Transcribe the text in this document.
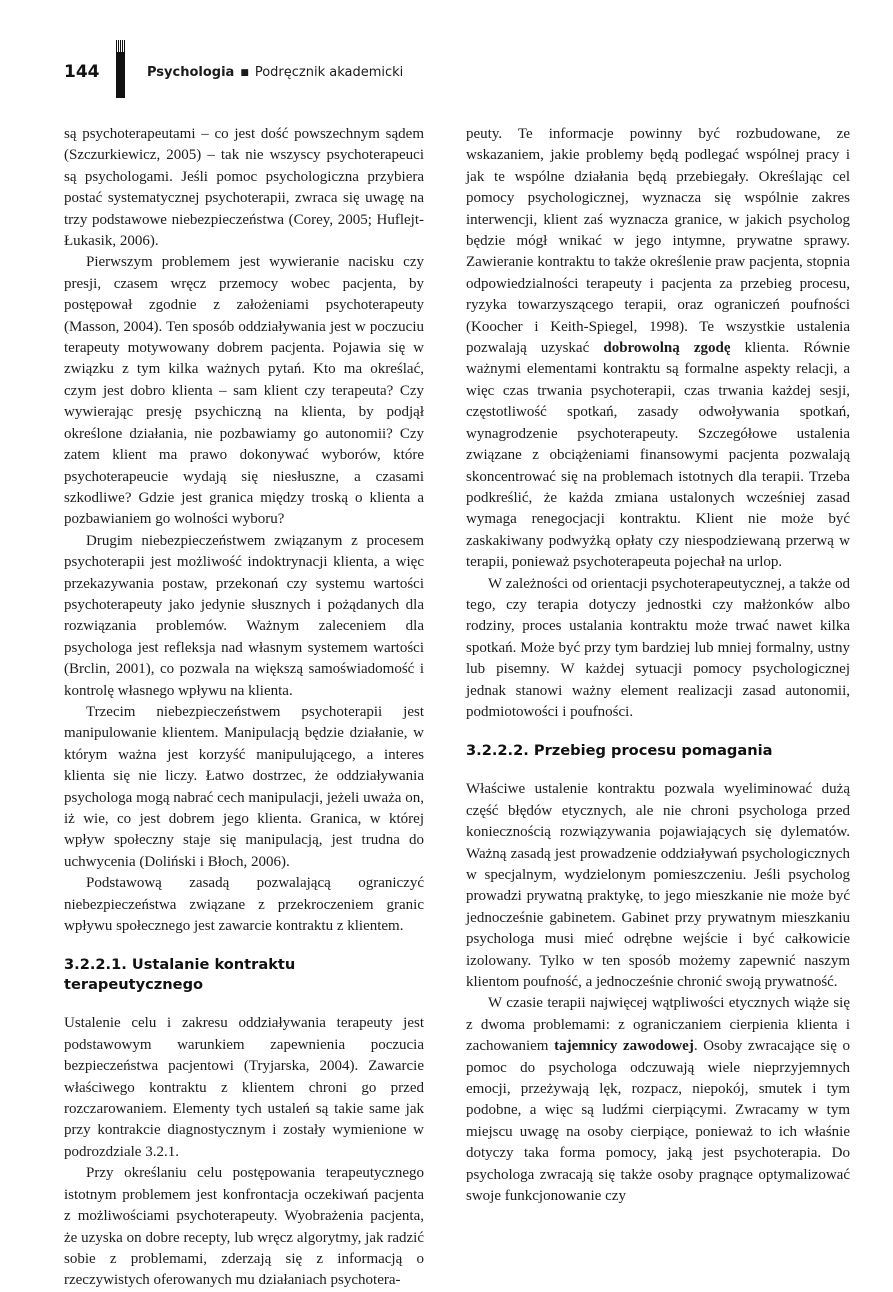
144	Psychologia ■ Podręcznik akademicki

są psychoterapeutami – co jest dość powszechnym sądem (Szczurkiewicz, 2005) – tak nie wszyscy psychoterapeuci są psychologami. Jeśli pomoc psychologiczna przybiera postać systematycznej psychoterapii, zwraca się uwagę na trzy podstawowe niebezpieczeństwa (Corey, 2005; Huflejt-Łukasik, 2006).

Pierwszym problemem jest wywieranie nacisku czy presji, czasem wręcz przemocy wobec pacjenta, by postępował zgodnie z założeniami psychoterapeuty (Masson, 2004). Ten sposób oddziaływania jest w poczuciu terapeuty motywowany dobrem pacjenta. Pojawia się w związku z tym kilka ważnych pytań. Kto ma określać, czym jest dobro klienta – sam klient czy terapeuta? Czy wywierając presję psychiczną na klienta, by podjął określone działania, nie pozbawiamy go autonomii? Czy zatem klient ma prawo dokonywać wyborów, które psychoterapeucie wydają się niesłuszne, a czasami szkodliwe? Gdzie jest granica między troską o klienta a pozbawianiem go wolności wyboru?

Drugim niebezpieczeństwem związanym z procesem psychoterapii jest możliwość indoktrynacji klienta, a więc przekazywania postaw, przekonań czy systemu wartości psychoterapeuty jako jedynie słusznych i pożądanych dla rozwiązania problemów. Ważnym zaleceniem dla psychologa jest refleksja nad własnym systemem wartości (Brclin, 2001), co pozwala na większą samoświadomość i kontrolę własnego wpływu na klienta.

Trzecim niebezpieczeństwem psychoterapii jest manipulowanie klientem. Manipulacją będzie działanie, w którym ważna jest korzyść manipulującego, a interes klienta się nie liczy. Łatwo dostrzec, że oddziaływania psychologa mogą nabrać cech manipulacji, jeżeli uważa on, iż wie, co jest dobrem jego klienta. Granica, w której wpływ społeczny staje się manipulacją, jest trudna do uchwycenia (Doliński i Błoch, 2006).

Podstawową zasadą pozwalającą ograniczyć niebezpieczeństwa związane z przekroczeniem granic wpływu społecznego jest zawarcie kontraktu z klientem.

3.2.2.1. Ustalanie kontraktu terapeutycznego

Ustalenie celu i zakresu oddziaływania terapeuty jest podstawowym warunkiem zapewnienia poczucia bezpieczeństwa pacjentowi (Tryjarska, 2004). Zawarcie właściwego kontraktu z klientem chroni go przed rozczarowaniem. Elementy tych ustaleń są takie same jak przy kontrakcie diagnostycznym i zostały wymienione w podrozdziale 3.2.1.

Przy określaniu celu postępowania terapeutycznego istotnym problemem jest konfrontacja oczekiwań pacjenta z możliwościami psychoterapeuty. Wyobrażenia pacjenta, że uzyska on dobre recepty, lub wręcz algorytmy, jak radzić sobie z problemami, zderzają się z informacją o rzeczywistych oferowanych mu działaniach psychotera-

peuty. Te informacje powinny być rozbudowane, ze wskazaniem, jakie problemy będą podlegać wspólnej pracy i jak te wspólne działania będą przebiegały. Określając cel pomocy psychologicznej, wyznacza się wspólnie zakres interwencji, klient zaś wyznacza granice, w jakich psycholog będzie mógł wnikać w jego intymne, prywatne sprawy. Zawieranie kontraktu to także określenie praw pacjenta, stopnia odpowiedzialności terapeuty i pacjenta za przebieg procesu, ryzyka towarzyszącego terapii, oraz ograniczeń poufności (Koocher i Keith-Spiegel, 1998). Te wszystkie ustalenia pozwalają uzyskać dobrowolną zgodę klienta. Równie ważnymi elementami kontraktu są formalne aspekty relacji, a więc czas trwania psychoterapii, czas trwania każdej sesji, częstotliwość spotkań, zasady odwoływania spotkań, wynagrodzenie psychoterapeuty. Szczegółowe ustalenia związane z obciążeniami finansowymi pacjenta pozwalają skoncentrować się na problemach istotnych dla terapii. Trzeba podkreślić, że każda zmiana ustalonych wcześniej zasad wymaga renegocjacji kontraktu. Klient nie może być zaskakiwany podwyżką opłaty czy niespodziewaną przerwą w terapii, ponieważ psychoterapeuta pojechał na urlop.

W zależności od orientacji psychoterapeutycznej, a także od tego, czy terapia dotyczy jednostki czy małżonków albo rodziny, proces ustalania kontraktu może trwać nawet kilka spotkań. Może być przy tym bardziej lub mniej formalny, ustny lub pisemny. W każdej sytuacji pomocy psychologicznej jednak stanowi ważny element realizacji zasad autonomii, podmiotowości i poufności.

3.2.2.2. Przebieg procesu pomagania

Właściwe ustalenie kontraktu pozwala wyeliminować dużą część błędów etycznych, ale nie chroni psychologa przed koniecznością rozwiązywania pojawiających się dylematów. Ważną zasadą jest prowadzenie oddziaływań psychologicznych w specjalnym, wydzielonym pomieszczeniu. Jeśli psycholog prowadzi prywatną praktykę, to jego mieszkanie nie może być jednocześnie gabinetem. Gabinet przy prywatnym mieszkaniu psychologa musi mieć odrębne wejście i być całkowicie izolowany. Tylko w ten sposób możemy zapewnić naszym klientom poufność, a jednocześnie chronić swoją prywatność.

W czasie terapii najwięcej wątpliwości etycznych wiąże się z dwoma problemami: z ograniczaniem cierpienia klienta i zachowaniem tajemnicy zawodowej. Osoby zwracające się o pomoc do psychologa odczuwają wiele nieprzyjemnych emocji, przeżywają lęk, rozpacz, niepokój, smutek i tym podobne, a więc są ludźmi cierpiącymi. Zwracamy w tym miejscu uwagę na osoby cierpiące, ponieważ to ich właśnie dotyczy taka forma pomocy, jaką jest psychoterapia. Do psychologa zwracają się także osoby pragnące optymalizować swoje funkcjonowanie czy
